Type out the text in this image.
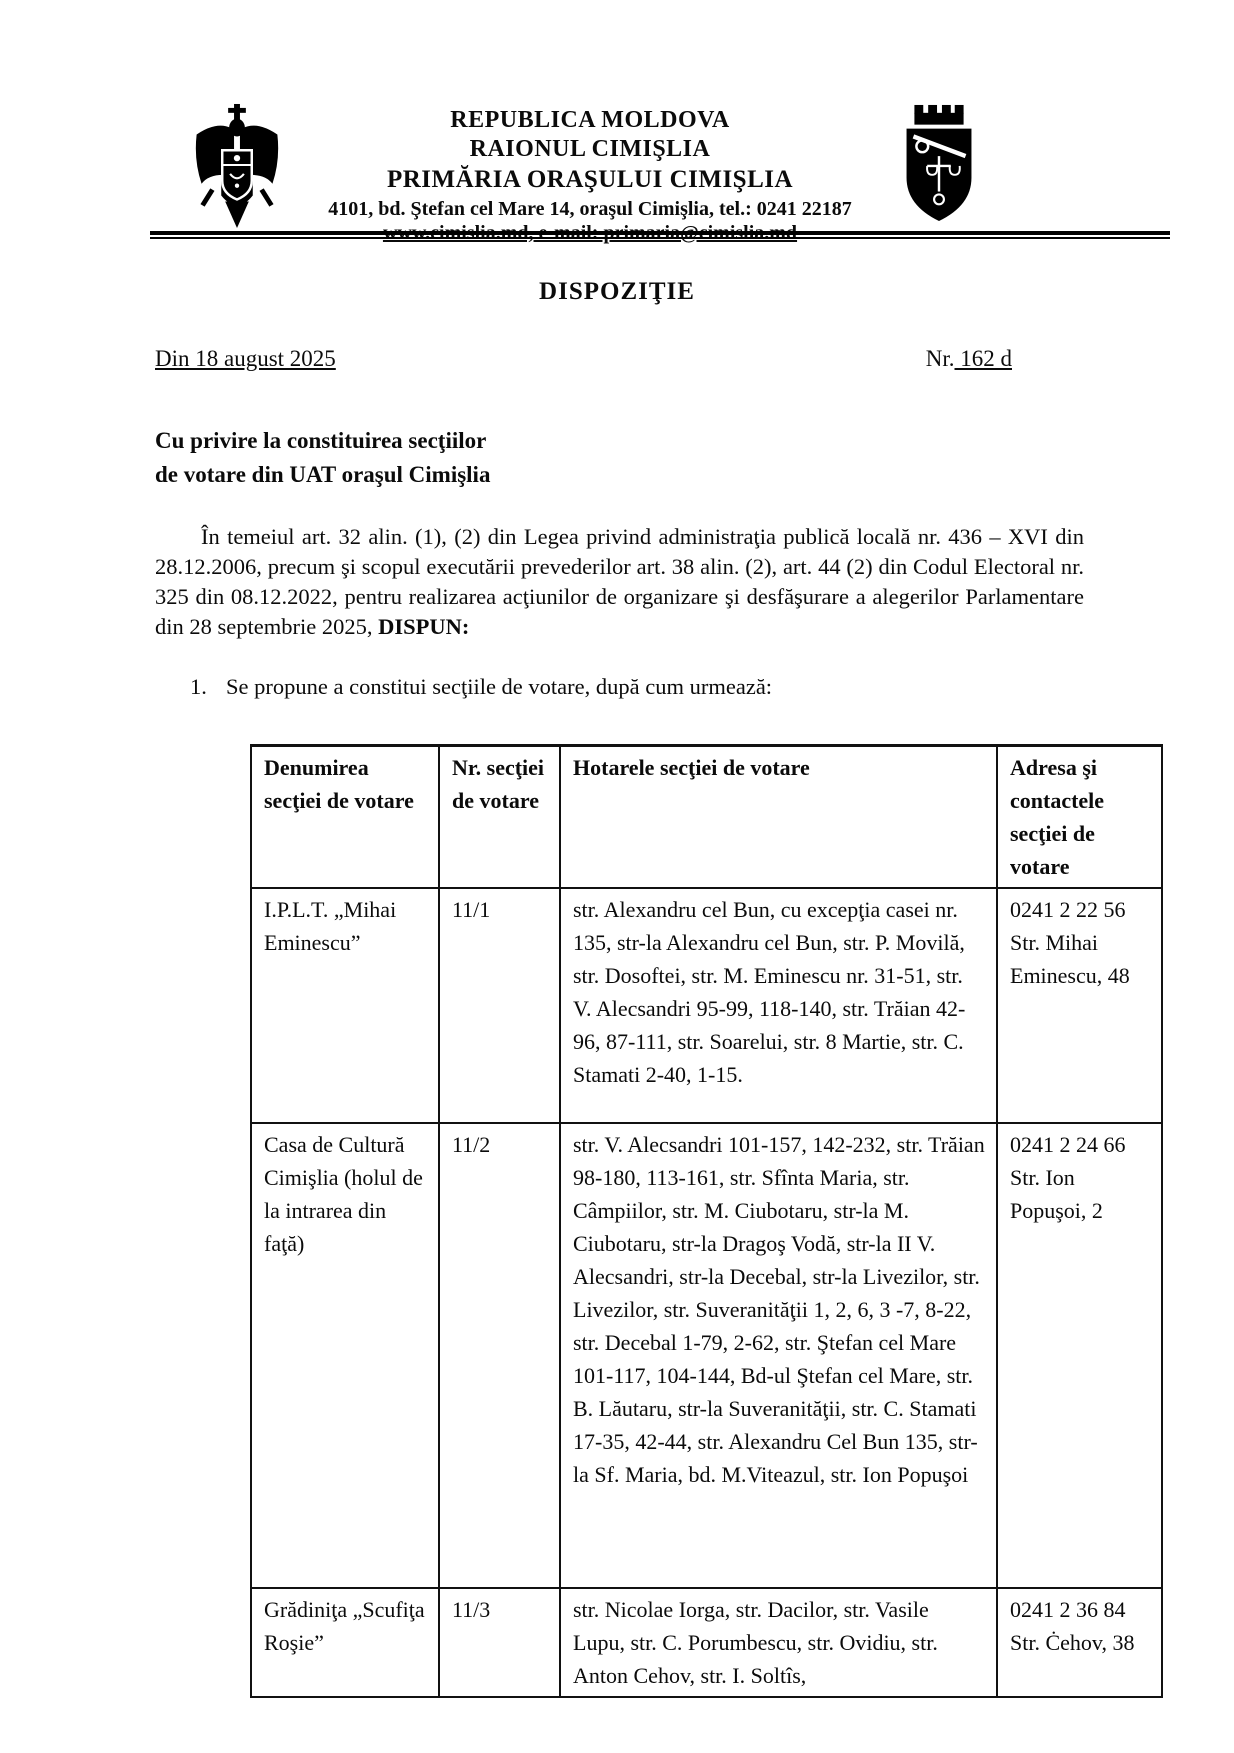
REPUBLICA MOLDOVA
RAIONUL CIMIŞLIA
PRIMĂRIA ORAŞULUI CIMIŞLIA
4101, bd. Ştefan cel Mare 14, oraşul Cimişlia, tel.: 0241 22187
www.cimislia.md, e-mail: primaria@cimislia.md
DISPOZIŢIE
Din 18 august 2025	Nr. 162 d
Cu privire la constituirea secţiilor
de votare din UAT oraşul Cimişlia

În temeiul art. 32 alin. (1), (2) din Legea privind administraţia publică locală nr. 436 – XVI din 28.12.2006, precum şi scopul executării prevederilor art. 38 alin. (2), art. 44 (2) din Codul Electoral nr. 325 din 08.12.2022, pentru realizarea acţiunilor de organizare şi desfăşurare a alegerilor Parlamentare din 28 septembrie 2025, DISPUN:

1. Se propune a constitui secţiile de votare, după cum urmează:
Denumirea secţiei de votare	Nr. secţiei de votare	Hotarele secţiei de votare	Adresa şi contactele secţiei de votare
I.P.L.T. „Mihai Eminescu”	11/1	str. Alexandru cel Bun, cu excepţia casei nr. 135, str-la Alexandru cel Bun, str. P. Movilă, str. Dosoftei, str. M. Eminescu nr. 31-51, str. V. Alecsandri 95-99, 118-140, str. Trăian 42-96, 87-111, str. Soarelui, str. 8 Martie, str. C. Stamati 2-40, 1-15.	0241 2 22 56
Str. Mihai Eminescu, 48
Casa de Cultură Cimişlia (holul de la intrarea din faţă)	11/2	str. V. Alecsandri 101-157, 142-232, str. Trăian 98-180, 113-161, str. Sfînta Maria, str. Câmpiilor, str. M. Ciubotaru, str-la M. Ciubotaru, str-la Dragoş Vodă, str-la II V. Alecsandri, str-la Decebal, str-la Livezilor, str. Livezilor, str. Suveranităţii 1, 2, 6, 3 -7, 8-22, str. Decebal 1-79, 2-62, str. Ştefan cel Mare 101-117, 104-144, Bd-ul Ştefan cel Mare, str. B. Lăutaru, str-la Suveranităţii, str. C. Stamati 17-35, 42-44, str. Alexandru Cel Bun 135, str-la Sf. Maria, bd. M.Viteazul, str. Ion Popuşoi	0241 2 24 66
Str. Ion Popuşoi, 2
Grădiniţa „Scufiţa Roşie”	11/3	str. Nicolae Iorga, str. Dacilor, str. Vasile Lupu, str. C. Porumbescu, str. Ovidiu, str. Anton Cehov, str. I. Soltîs,	0241 2 36 84
Str. Ċehov, 38
